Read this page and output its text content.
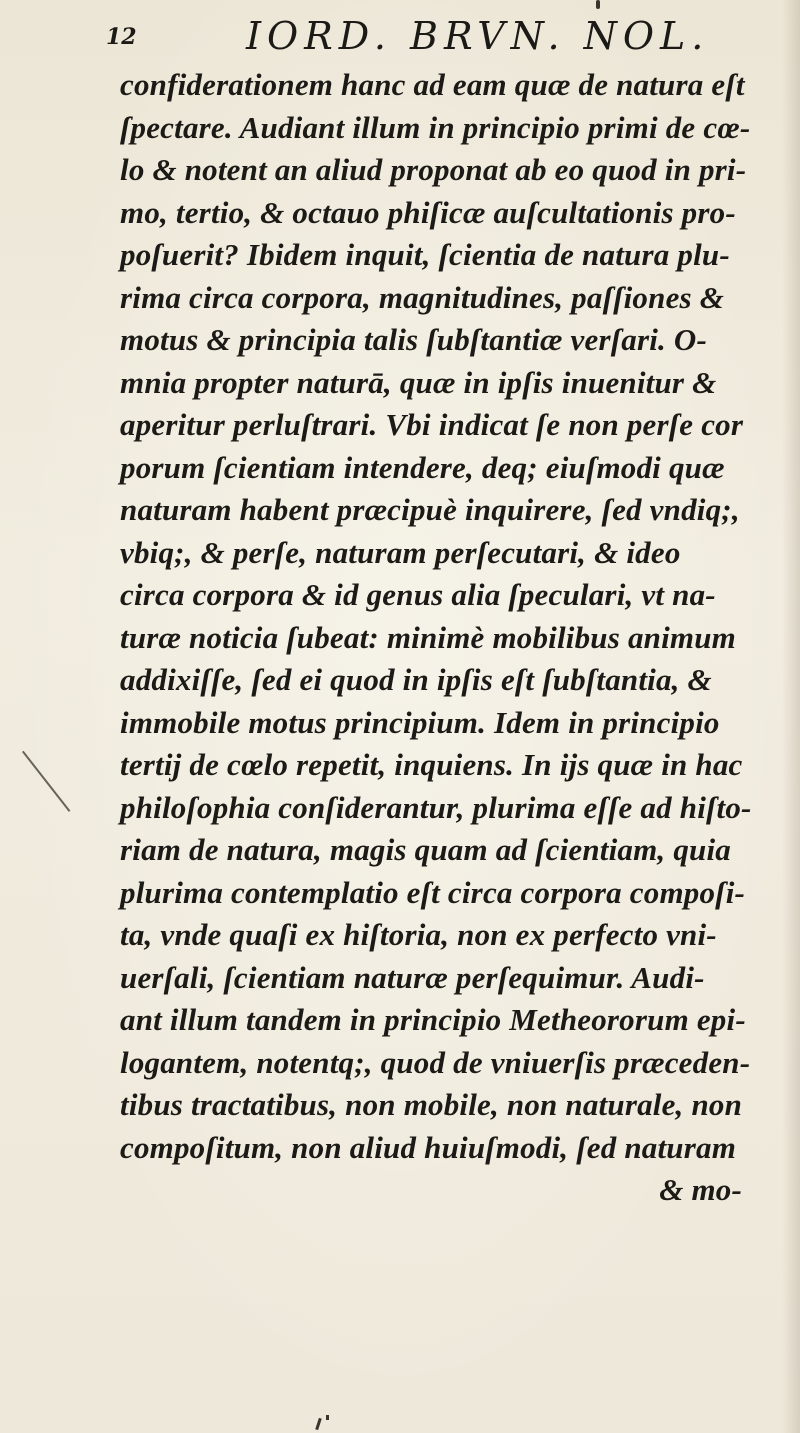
12	IORD. BRVN. NOL.
confiderationem hanc ad eam quæ de natura eſt
ſpectare. Audiant illum in principio primi de cœ-
lo & notent an aliud proponat ab eo quod in pri-
mo, tertio, & octauo phiſicæ auſcultationis pro-
poſuerit? Ibidem inquit, ſcientia de natura plu-
rima circa corpora, magnitudines, paſſiones &
motus & principia talis ſubſtantiæ verſari. O-
mnia propter naturā, quæ in ipſis inuenitur &
aperitur perluſtrari. Vbi indicat ſe non perſe cor
porum ſcientiam intendere, deq; eiuſmodi quæ
naturam habent præcipuè inquirere, ſed vndiq;,
vbiq;, & perſe, naturam perſecutari, & ideo
circa corpora & id genus alia ſpeculari, vt na-
turæ noticia ſubeat: minimè mobilibus animum
addixiſſe, ſed ei quod in ipſis eſt ſubſtantia, &
immobile motus principium. Idem in principio
tertij de cœlo repetit, inquiens. In ijs quæ in hac
philoſophia conſiderantur, plurima eſſe ad hiſto-
riam de natura, magis quam ad ſcientiam, quia
plurima contemplatio eſt circa corpora compoſi-
ta, vnde quaſi ex hiſtoria, non ex perfecto vni-
uerſali, ſcientiam naturæ perſequimur. Audi-
ant illum tandem in principio Metheororum epi-
logantem, notentq;, quod de vniuerſis præceden-
tibus tractatibus, non mobile, non naturale, non
compoſitum, non aliud huiuſmodi, ſed naturam
& mo-
